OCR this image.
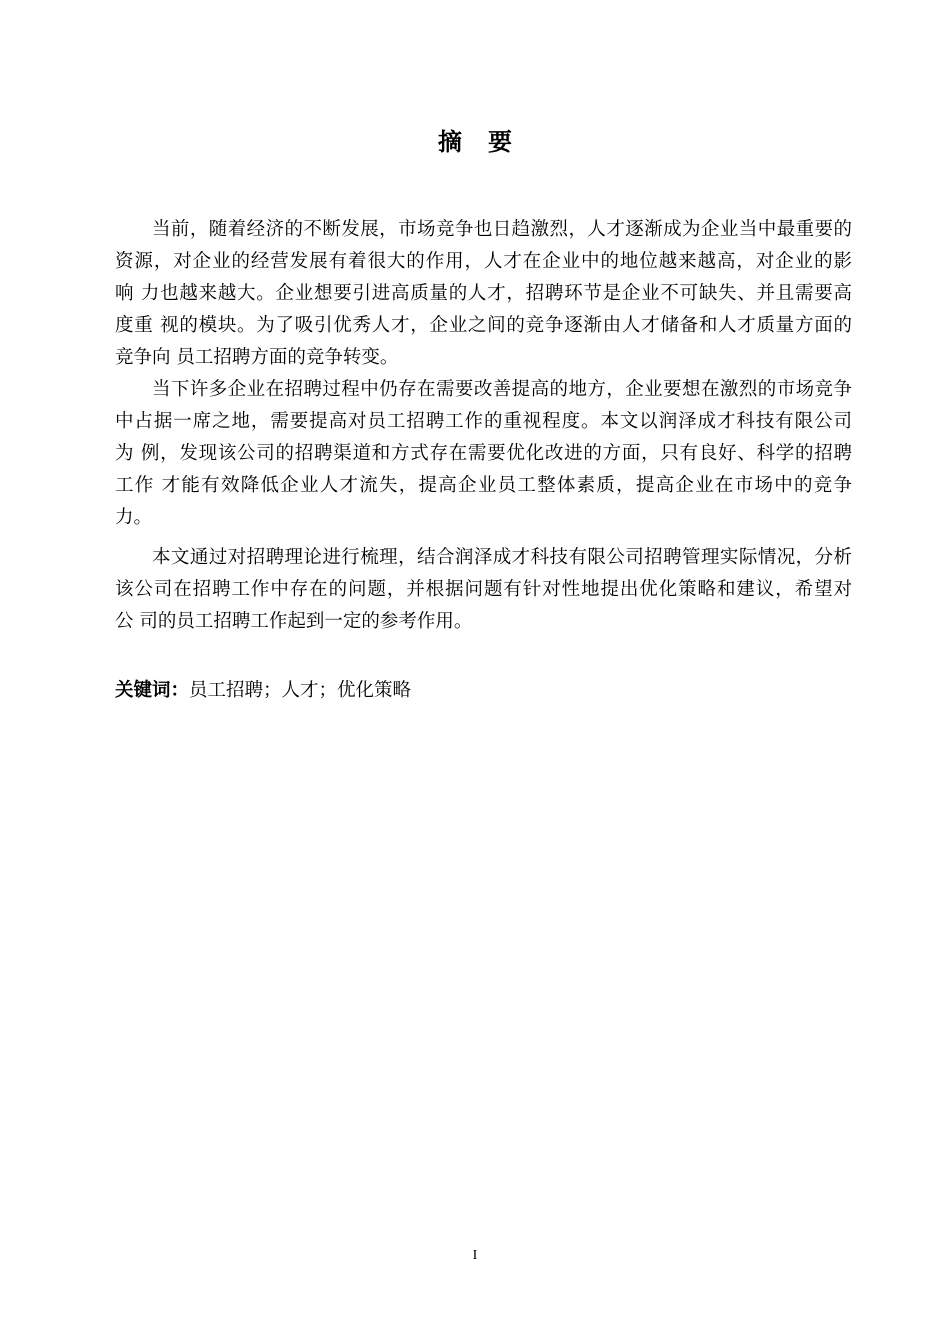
摘要
当前，随着经济的不断发展，市场竞争也日趋激烈，人才逐渐成为企业当中最重要的
资源，对企业的经营发展有着很大的作用，人才在企业中的地位越来越高，对企业的影
响 力也越来越大。企业想要引进高质量的人才，招聘环节是企业不可缺失、并且需要高
度重 视的模块。为了吸引优秀人才，企业之间的竞争逐渐由人才储备和人才质量方面的
竞争向 员工招聘方面的竞争转变。
当下许多企业在招聘过程中仍存在需要改善提高的地方，企业要想在激烈的市场竞争
中占据一席之地，需要提高对员工招聘工作的重视程度。本文以润泽成才科技有限公司
为 例，发现该公司的招聘渠道和方式存在需要优化改进的方面，只有良好、科学的招聘
工作 才能有效降低企业人才流失，提高企业员工整体素质，提高企业在市场中的竞争
力。
本文通过对招聘理论进行梳理，结合润泽成才科技有限公司招聘管理实际情况，分析
该公司在招聘工作中存在的问题，并根据问题有针对性地提出优化策略和建议，希望对
公 司的员工招聘工作起到一定的参考作用。
关键词：员工招聘；人才；优化策略
I
